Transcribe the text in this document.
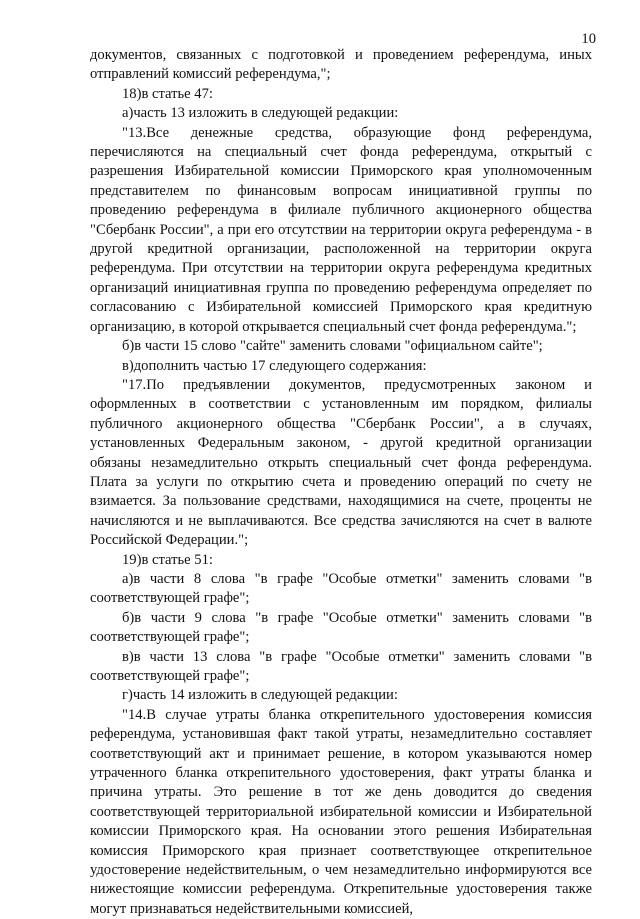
10

документов, связанных с подготовкой и проведением референдума, иных отправлений комиссий референдума,";

18)в статье 47:

а)часть 13 изложить в следующей редакции:

"13.Все денежные средства, образующие фонд референдума, перечисляются на специальный счет фонда референдума, открытый с разрешения Избирательной комиссии Приморского края уполномоченным представителем по финансовым вопросам инициативной группы по проведению референдума в филиале публичного акционерного общества "Сбербанк России", а при его отсутствии на территории округа референдума - в другой кредитной организации, расположенной на территории округа референдума. При отсутствии на территории округа референдума кредитных организаций инициативная группа по проведению референдума определяет по согласованию с Избирательной комиссией Приморского края кредитную организацию, в которой открывается специальный счет фонда референдума.";

б)в части 15 слово "сайте" заменить словами "официальном сайте";

в)дополнить частью 17 следующего содержания:

"17.По предъявлении документов, предусмотренных законом и оформленных в соответствии с установленным им порядком, филиалы публичного акционерного общества "Сбербанк России", а в случаях, установленных Федеральным законом, - другой кредитной организации обязаны незамедлительно открыть специальный счет фонда референдума. Плата за услуги по открытию счета и проведению операций по счету не взимается. За пользование средствами, находящимися на счете, проценты не начисляются и не выплачиваются. Все средства зачисляются на счет в валюте Российской Федерации.";

19)в статье 51:

а)в части 8 слова "в графе "Особые отметки" заменить словами "в соответствующей графе";

б)в части 9 слова "в графе "Особые отметки" заменить словами "в соответствующей графе";

в)в части 13 слова "в графе "Особые отметки" заменить словами "в соответствующей графе";

г)часть 14 изложить в следующей редакции:

"14.В случае утраты бланка открепительного удостоверения комиссия референдума, установившая факт такой утраты, незамедлительно составляет соответствующий акт и принимает решение, в котором указываются номер утраченного бланка открепительного удостоверения, факт утраты бланка и причина утраты. Это решение в тот же день доводится до сведения соответствующей территориальной избирательной комиссии и Избирательной комиссии Приморского края. На основании этого решения Избирательная комиссия Приморского края признает соответствующее открепительное удостоверение недействительным, о чем незамедлительно информируются все нижестоящие комиссии референдума. Открепительные удостоверения также могут признаваться недействительными комиссией,
